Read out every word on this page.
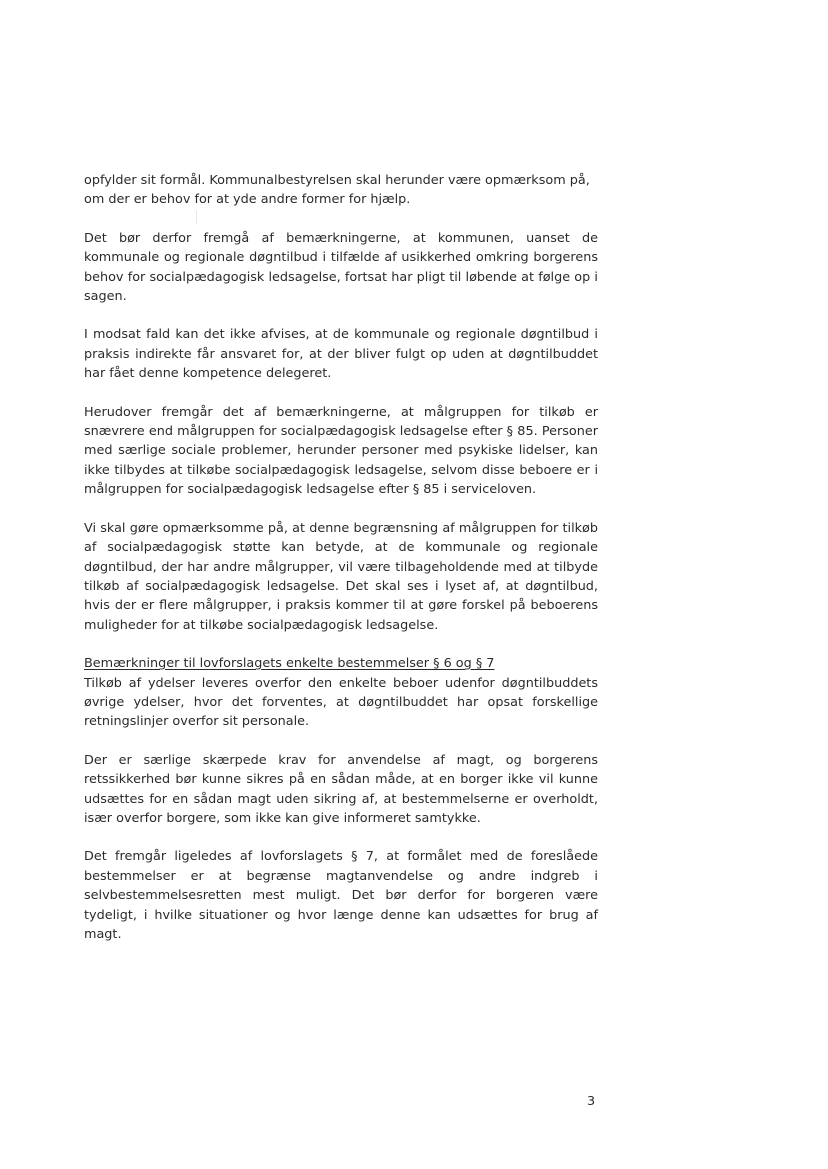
opfylder sit formål. Kommunalbestyrelsen skal herunder være opmærksom på, om der er behov for at yde andre former for hjælp.

Det bør derfor fremgå af bemærkningerne, at kommunen, uanset de kommunale og regionale døgntilbud i tilfælde af usikkerhed omkring borgerens behov for socialpædagogisk ledsagelse, fortsat har pligt til løbende at følge op i sagen.

I modsat fald kan det ikke afvises, at de kommunale og regionale døgntilbud i praksis indirekte får ansvaret for, at der bliver fulgt op uden at døgntilbuddet har fået denne kompetence delegeret.

Herudover fremgår det af bemærkningerne, at målgruppen for tilkøb er snævrere end målgruppen for socialpædagogisk ledsagelse efter § 85. Personer med særlige sociale problemer, herunder personer med psykiske lidelser, kan ikke tilbydes at tilkøbe socialpædagogisk ledsagelse, selvom disse beboere er i målgruppen for socialpædagogisk ledsagelse efter § 85 i serviceloven.

Vi skal gøre opmærksomme på, at denne begrænsning af målgruppen for tilkøb af socialpædagogisk støtte kan betyde, at de kommunale og regionale døgntilbud, der har andre målgrupper, vil være tilbageholdende med at tilbyde tilkøb af socialpædagogisk ledsagelse. Det skal ses i lyset af, at døgntilbud, hvis der er flere målgrupper, i praksis kommer til at gøre forskel på beboerens muligheder for at tilkøbe socialpædagogisk ledsagelse.

Bemærkninger til lovforslagets enkelte bestemmelser § 6 og § 7
Tilkøb af ydelser leveres overfor den enkelte beboer udenfor døgntilbuddets øvrige ydelser, hvor det forventes, at døgntilbuddet har opsat forskellige retningslinjer overfor sit personale.

Der er særlige skærpede krav for anvendelse af magt, og borgerens retssikkerhed bør kunne sikres på en sådan måde, at en borger ikke vil kunne udsættes for en sådan magt uden sikring af, at bestemmelserne er overholdt, især overfor borgere, som ikke kan give informeret samtykke.

Det fremgår ligeledes af lovforslagets § 7, at formålet med de foreslåede bestemmelser er at begrænse magtanvendelse og andre indgreb i selvbestemmelsesretten mest muligt. Det bør derfor for borgeren være tydeligt, i hvilke situationer og hvor længe denne kan udsættes for brug af magt.

3
